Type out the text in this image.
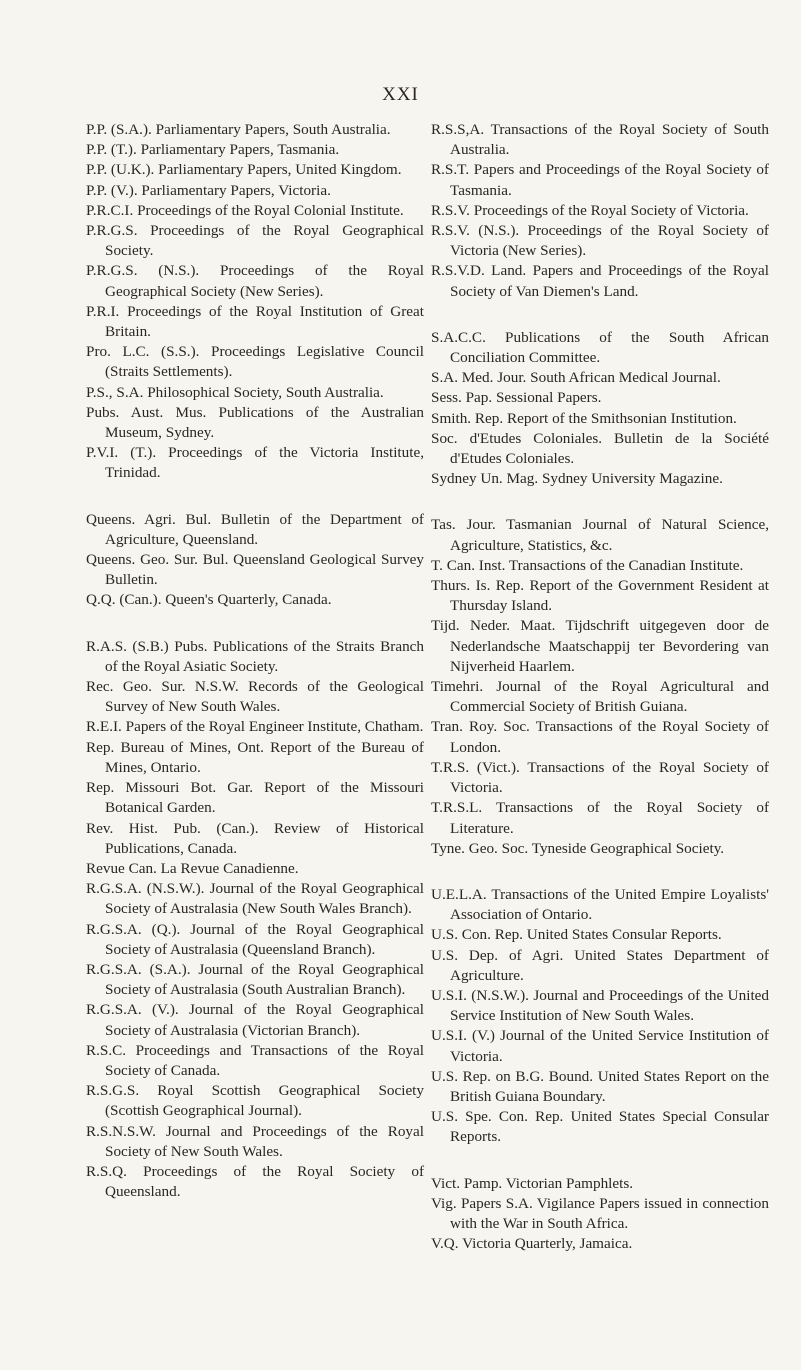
XXI

P.P. (S.A.). Parliamentary Papers, South Australia.

P.P. (T.). Parliamentary Papers, Tasmania.

P.P. (U.K.). Parliamentary Papers, United Kingdom.

P.P. (V.). Parliamentary Papers, Victoria.

P.R.C.I. Proceedings of the Royal Colonial Institute.

P.R.G.S. Proceedings of the Royal Geographical Society.

P.R.G.S. (N.S.). Proceedings of the Royal Geographical Society (New Series).

P.R.I. Proceedings of the Royal Institution of Great Britain.

Pro. L.C. (S.S.). Proceedings Legislative Council (Straits Settlements).

P.S., S.A. Philosophical Society, South Australia.

Pubs. Aust. Mus. Publications of the Australian Museum, Sydney.

P.V.I. (T.). Proceedings of the Victoria Institute, Trinidad.

Queens. Agri. Bul. Bulletin of the Department of Agriculture, Queensland.

Queens. Geo. Sur. Bul. Queensland Geological Survey Bulletin.

Q.Q. (Can.). Queen's Quarterly, Canada.

R.A.S. (S.B.) Pubs. Publications of the Straits Branch of the Royal Asiatic Society.

Rec. Geo. Sur. N.S.W. Records of the Geological Survey of New South Wales.

R.E.I. Papers of the Royal Engineer Institute, Chatham.

Rep. Bureau of Mines, Ont. Report of the Bureau of Mines, Ontario.

Rep. Missouri Bot. Gar. Report of the Missouri Botanical Garden.

Rev. Hist. Pub. (Can.). Review of Historical Publications, Canada.

Revue Can. La Revue Canadienne.

R.G.S.A. (N.S.W.). Journal of the Royal Geographical Society of Australasia (New South Wales Branch).

R.G.S.A. (Q.). Journal of the Royal Geographical Society of Australasia (Queensland Branch).

R.G.S.A. (S.A.). Journal of the Royal Geographical Society of Australasia (South Australian Branch).

R.G.S.A. (V.). Journal of the Royal Geographical Society of Australasia (Victorian Branch).

R.S.C. Proceedings and Transactions of the Royal Society of Canada.

R.S.G.S. Royal Scottish Geographical Society (Scottish Geographical Journal).

R.S.N.S.W. Journal and Proceedings of the Royal Society of New South Wales.

R.S.Q. Proceedings of the Royal Society of Queensland.

R.S.S,A. Transactions of the Royal Society of South Australia.

R.S.T. Papers and Proceedings of the Royal Society of Tasmania.

R.S.V. Proceedings of the Royal Society of Victoria.

R.S.V. (N.S.). Proceedings of the Royal Society of Victoria (New Series).

R.S.V.D. Land. Papers and Proceedings of the Royal Society of Van Diemen's Land.

S.A.C.C. Publications of the South African Conciliation Committee.

S.A. Med. Jour. South African Medical Journal.

Sess. Pap. Sessional Papers.

Smith. Rep. Report of the Smithsonian Institution.

Soc. d'Etudes Coloniales. Bulletin de la Société d'Etudes Coloniales.

Sydney Un. Mag. Sydney University Magazine.

Tas. Jour. Tasmanian Journal of Natural Science, Agriculture, Statistics, &c.

T. Can. Inst. Transactions of the Canadian Institute.

Thurs. Is. Rep. Report of the Government Resident at Thursday Island.

Tijd. Neder. Maat. Tijdschrift uitgegeven door de Nederlandsche Maatschappij ter Bevordering van Nijverheid Haarlem.

Timehri. Journal of the Royal Agricultural and Commercial Society of British Guiana.

Tran. Roy. Soc. Transactions of the Royal Society of London.

T.R.S. (Vict.). Transactions of the Royal Society of Victoria.

T.R.S.L. Transactions of the Royal Society of Literature.

Tyne. Geo. Soc. Tyneside Geographical Society.

U.E.L.A. Transactions of the United Empire Loyalists' Association of Ontario.

U.S. Con. Rep. United States Consular Reports.

U.S. Dep. of Agri. United States Department of Agriculture.

U.S.I. (N.S.W.). Journal and Proceedings of the United Service Institution of New South Wales.

U.S.I. (V.) Journal of the United Service Institution of Victoria.

U.S. Rep. on B.G. Bound. United States Report on the British Guiana Boundary.

U.S. Spe. Con. Rep. United States Special Consular Reports.

Vict. Pamp. Victorian Pamphlets.

Vig. Papers S.A. Vigilance Papers issued in connection with the War in South Africa.

V.Q. Victoria Quarterly, Jamaica.
